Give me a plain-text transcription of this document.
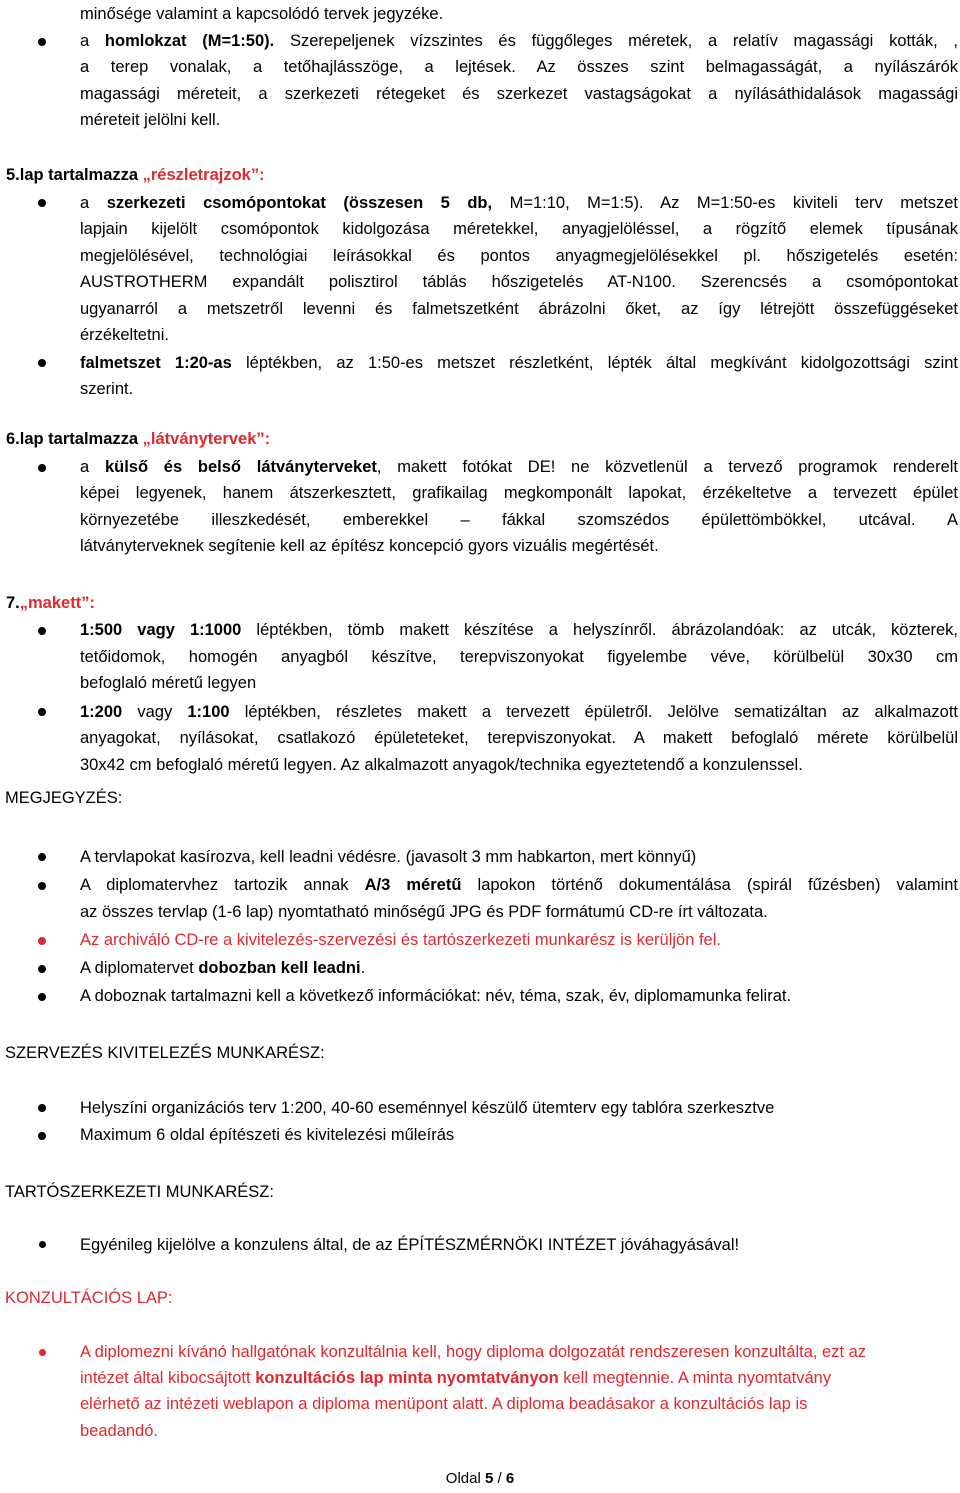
minősége valamint a kapcsolódó tervek jegyzéke.
a homlokzat (M=1:50). Szerepeljenek vízszintes és függőleges méretek, a relatív magassági kották, ,
a terep vonalak, a tetőhajlásszöge, a lejtések. Az összes szint belmagasságát, a nyílászárók
magassági méreteit, a szerkezeti rétegeket és szerkezet vastagságokat a nyílásáthidalások magassági
méreteit jelölni kell.
5.lap tartalmazza „részletrajzok”:
a szerkezeti csomópontokat (összesen 5 db, M=1:10, M=1:5). Az M=1:50-es kiviteli terv metszet
lapjain kijelölt csomópontok kidolgozása méretekkel, anyagjelöléssel, a rögzítő elemek típusának
megjelölésével, technológiai leírásokkal és pontos anyagmegjelölésekkel pl. hőszigetelés esetén:
AUSTROTHERM expandált polisztirol táblás hőszigetelés AT-N100. Szerencsés a csomópontokat
ugyanarról a metszetről levenni és falmetszetként ábrázolni őket, az így létrejött összefüggéseket
érzékeltetni.
falmetszet 1:20-as léptékben, az 1:50-es metszet részletként, lépték által megkívánt kidolgozottsági szint
szerint.
6.lap tartalmazza „látványtervek”:
a külső és belső látványterveket, makett fotókat DE! ne közvetlenül a tervező programok renderelt
képei legyenek, hanem átszerkesztett, grafikailag megkomponált lapokat, érzékeltetve a tervezett épület
környezetébe illeszkedését, emberekkel – fákkal szomszédos épülettömbökkel, utcával. A
látványterveknek segítenie kell az építész koncepció gyors vizuális megértését.
7.„makett”:
1:500 vagy 1:1000 léptékben, tömb makett készítése a helyszínről. ábrázolandóak: az utcák, közterek,
tetőidomok, homogén anyagból készítve, terepviszonyokat figyelembe véve, körülbelül 30x30 cm
befoglaló méretű legyen
1:200 vagy 1:100 léptékben, részletes makett a tervezett épületről. Jelölve sematizáltan az alkalmazott
anyagokat, nyílásokat, csatlakozó épületeteket, terepviszonyokat. A makett befoglaló mérete körülbelül
30x42 cm befoglaló méretű legyen. Az alkalmazott anyagok/technika egyeztetendő a konzulenssel.
MEGJEGYZÉS:
A tervlapokat kasírozva, kell leadni védésre. (javasolt 3 mm habkarton, mert könnyű)
A diplomatervhez tartozik annak A/3 méretű lapokon történő dokumentálása (spirál fűzésben) valamint
az összes tervlap (1-6 lap) nyomtatható minőségű JPG és PDF formátumú CD-re írt változata.
Az archiváló CD-re a kivitelezés-szervezési és tartószerkezeti munkarész is kerüljön fel.
A diplomatervet dobozban kell leadni.
A doboznak tartalmazni kell a következő információkat: név, téma, szak, év, diplomamunka felirat.
SZERVEZÉS KIVITELEZÉS MUNKARÉSZ:
Helyszíni organizációs terv 1:200, 40-60 eseménnyel készülő ütemterv egy tablóra szerkesztve
Maximum 6 oldal építészeti és kivitelezési műleírás
TARTÓSZERKEZETI MUNKARÉSZ:
Egyénileg kijelölve a konzulens által, de az ÉPÍTÉSZMÉRNÖKI INTÉZET jóváhagyásával!
KONZULTÁCIÓS LAP:
A diplomezni kívánó hallgatónak konzultálnia kell, hogy diploma dolgozatát rendszeresen konzultálta, ezt az
intézet által kibocsájtott konzultációs lap minta nyomtatványon kell megtennie. A minta nyomtatvány
elérhető az intézeti weblapon a diploma menüpont alatt. A diploma beadásakor a konzultációs lap is
beadandó.
Oldal 5 / 6
